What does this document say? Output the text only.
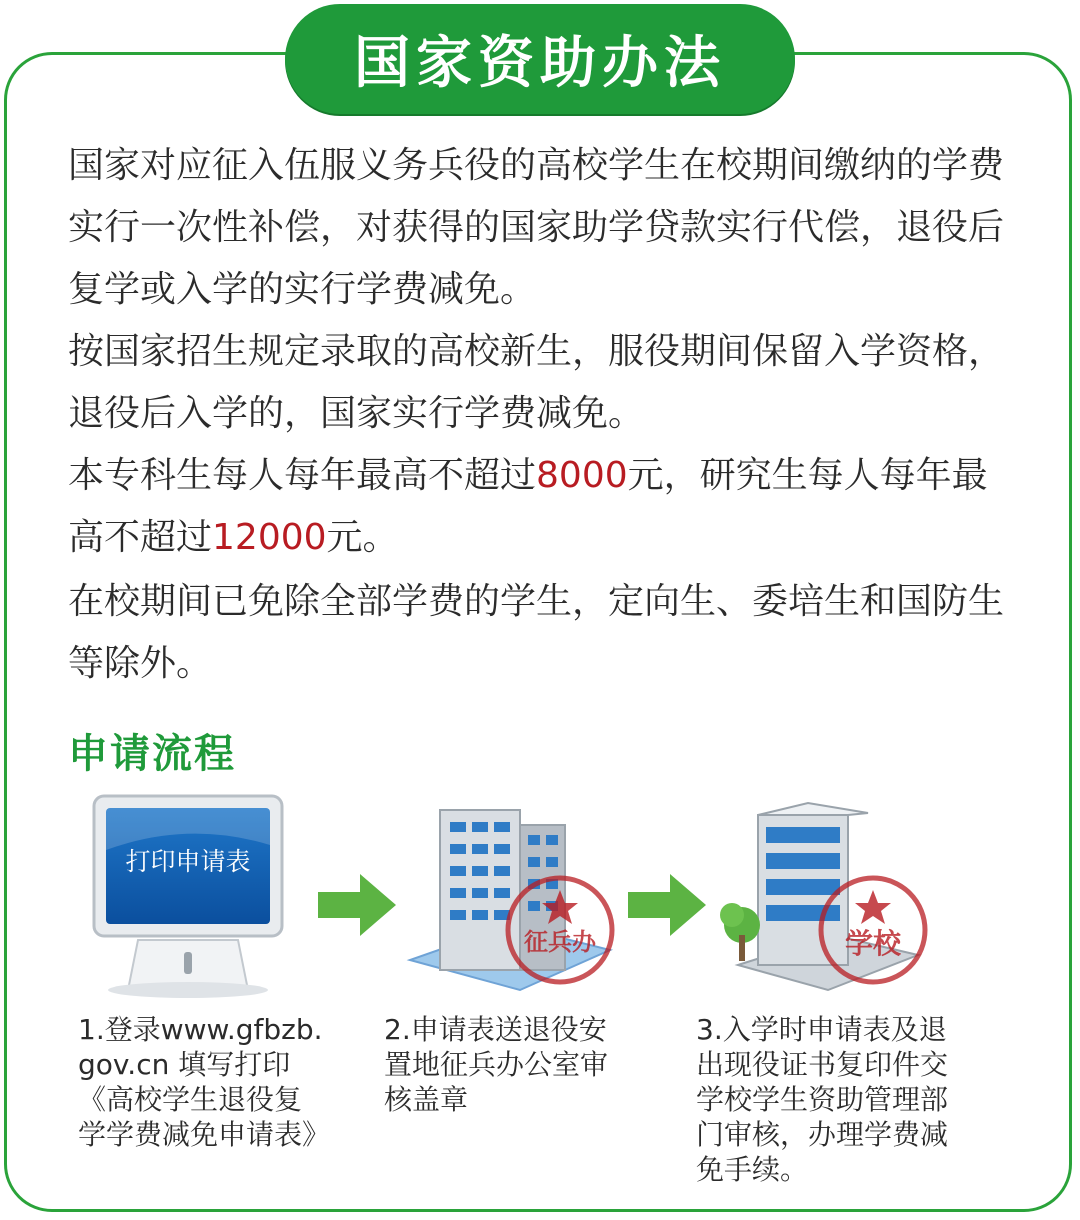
国家资助办法

国家对应征入伍服义务兵役的高校学生在校期间缴纳的学费实行一次性补偿，对获得的国家助学贷款实行代偿，退役后复学或入学的实行学费减免。

按国家招生规定录取的高校新生，服役期间保留入学资格，退役后入学的，国家实行学费减免。

本专科生每人每年最高不超过8000元，研究生每人每年最高不超过12000元。

在校期间已免除全部学费的学生，定向生、委培生和国防生等除外。

申请流程
打印申请表
征兵办	学校
1.登录www.gfbzb.
gov.cn 填写打印
《高校学生退役复
学学费减免申请表》
2.申请表送退役安
置地征兵办公室审
核盖章
3.入学时申请表及退
出现役证书复印件交
学校学生资助管理部
门审核，办理学费减
免手续。
